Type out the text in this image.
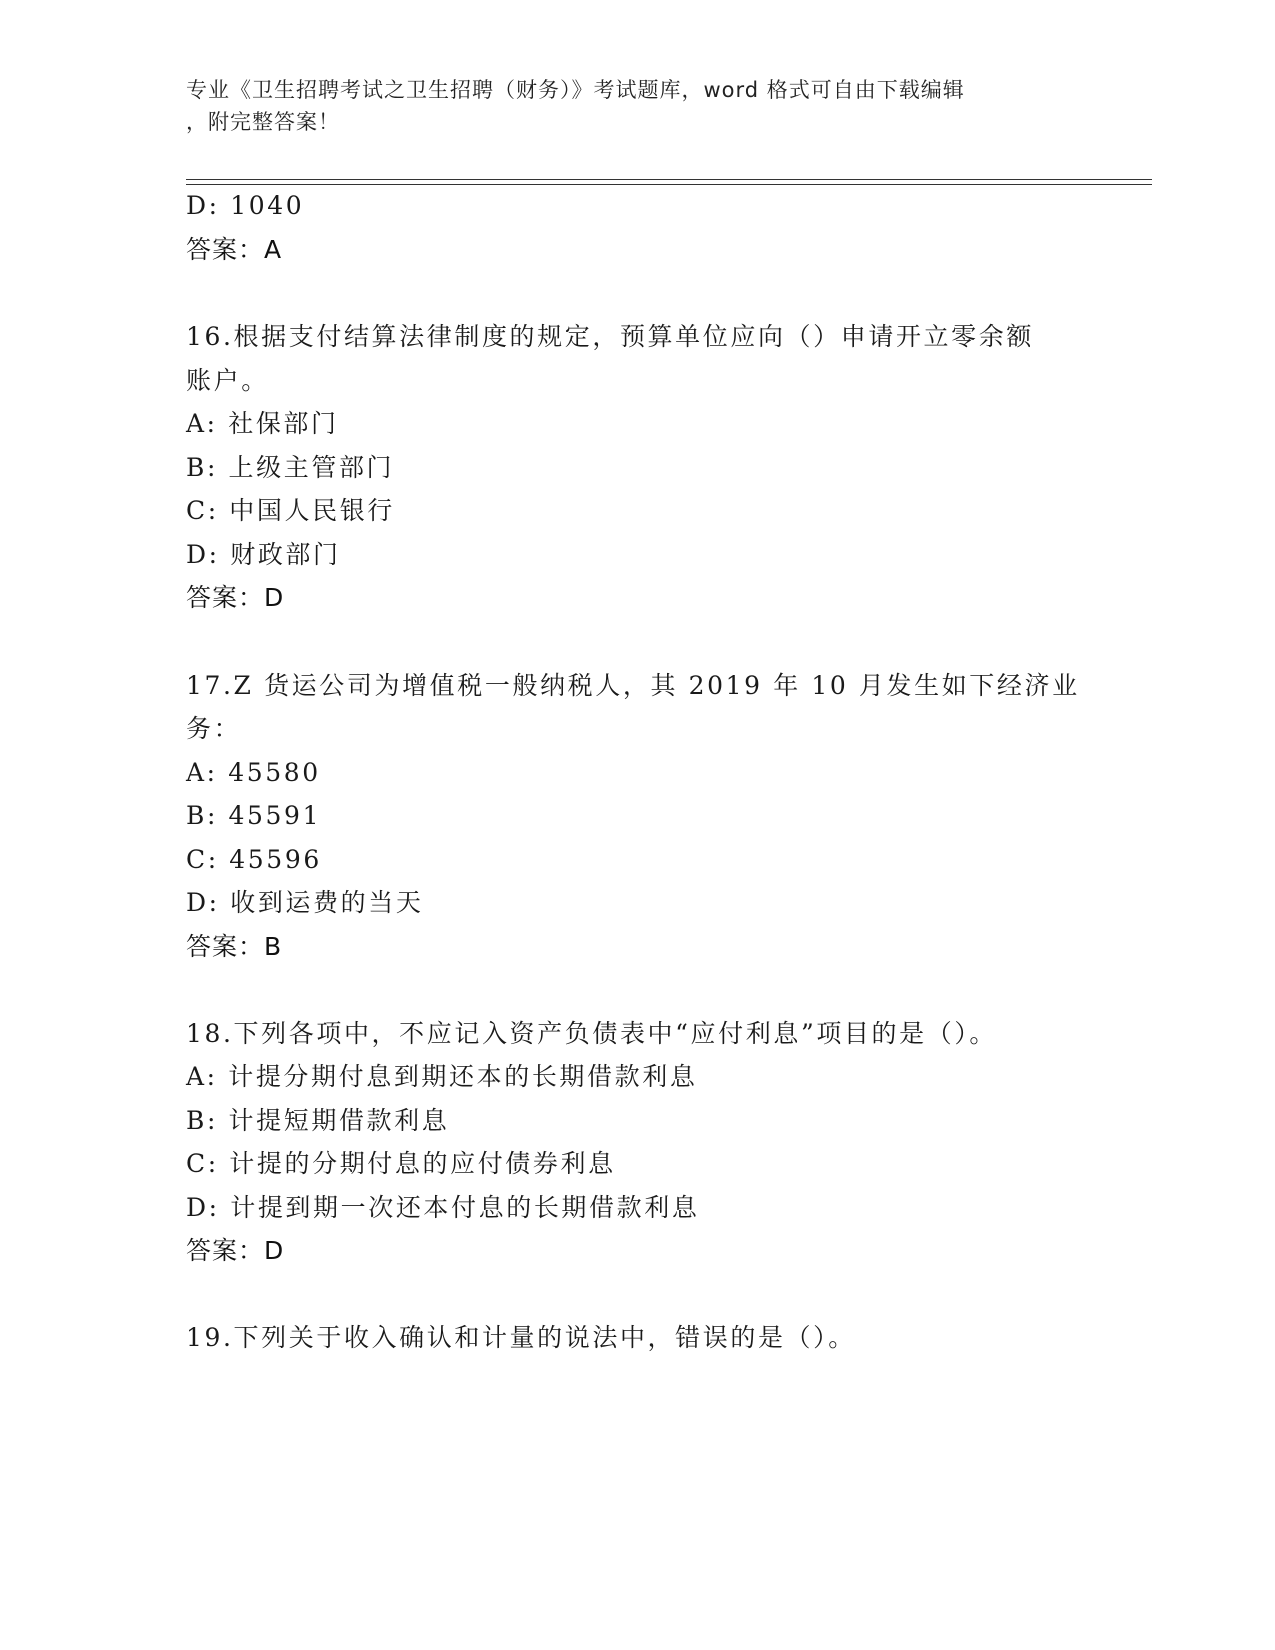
专业《卫生招聘考试之卫生招聘（财务）》考试题库，word 格式可自由下载编辑
，附完整答案！
D: 1040
答案：A
16.根据支付结算法律制度的规定，预算单位应向（）申请开立零余额
账户。
A: 社保部门
B: 上级主管部门
C: 中国人民银行
D: 财政部门
答案：D
17.Z 货运公司为增值税一般纳税人，其 2019 年 10 月发生如下经济业
务：
A: 45580
B: 45591
C: 45596
D: 收到运费的当天
答案：B
18.下列各项中，不应记入资产负债表中“应付利息”项目的是（）。
A: 计提分期付息到期还本的长期借款利息
B: 计提短期借款利息
C: 计提的分期付息的应付债券利息
D: 计提到期一次还本付息的长期借款利息
答案：D
19.下列关于收入确认和计量的说法中，错误的是（）。
